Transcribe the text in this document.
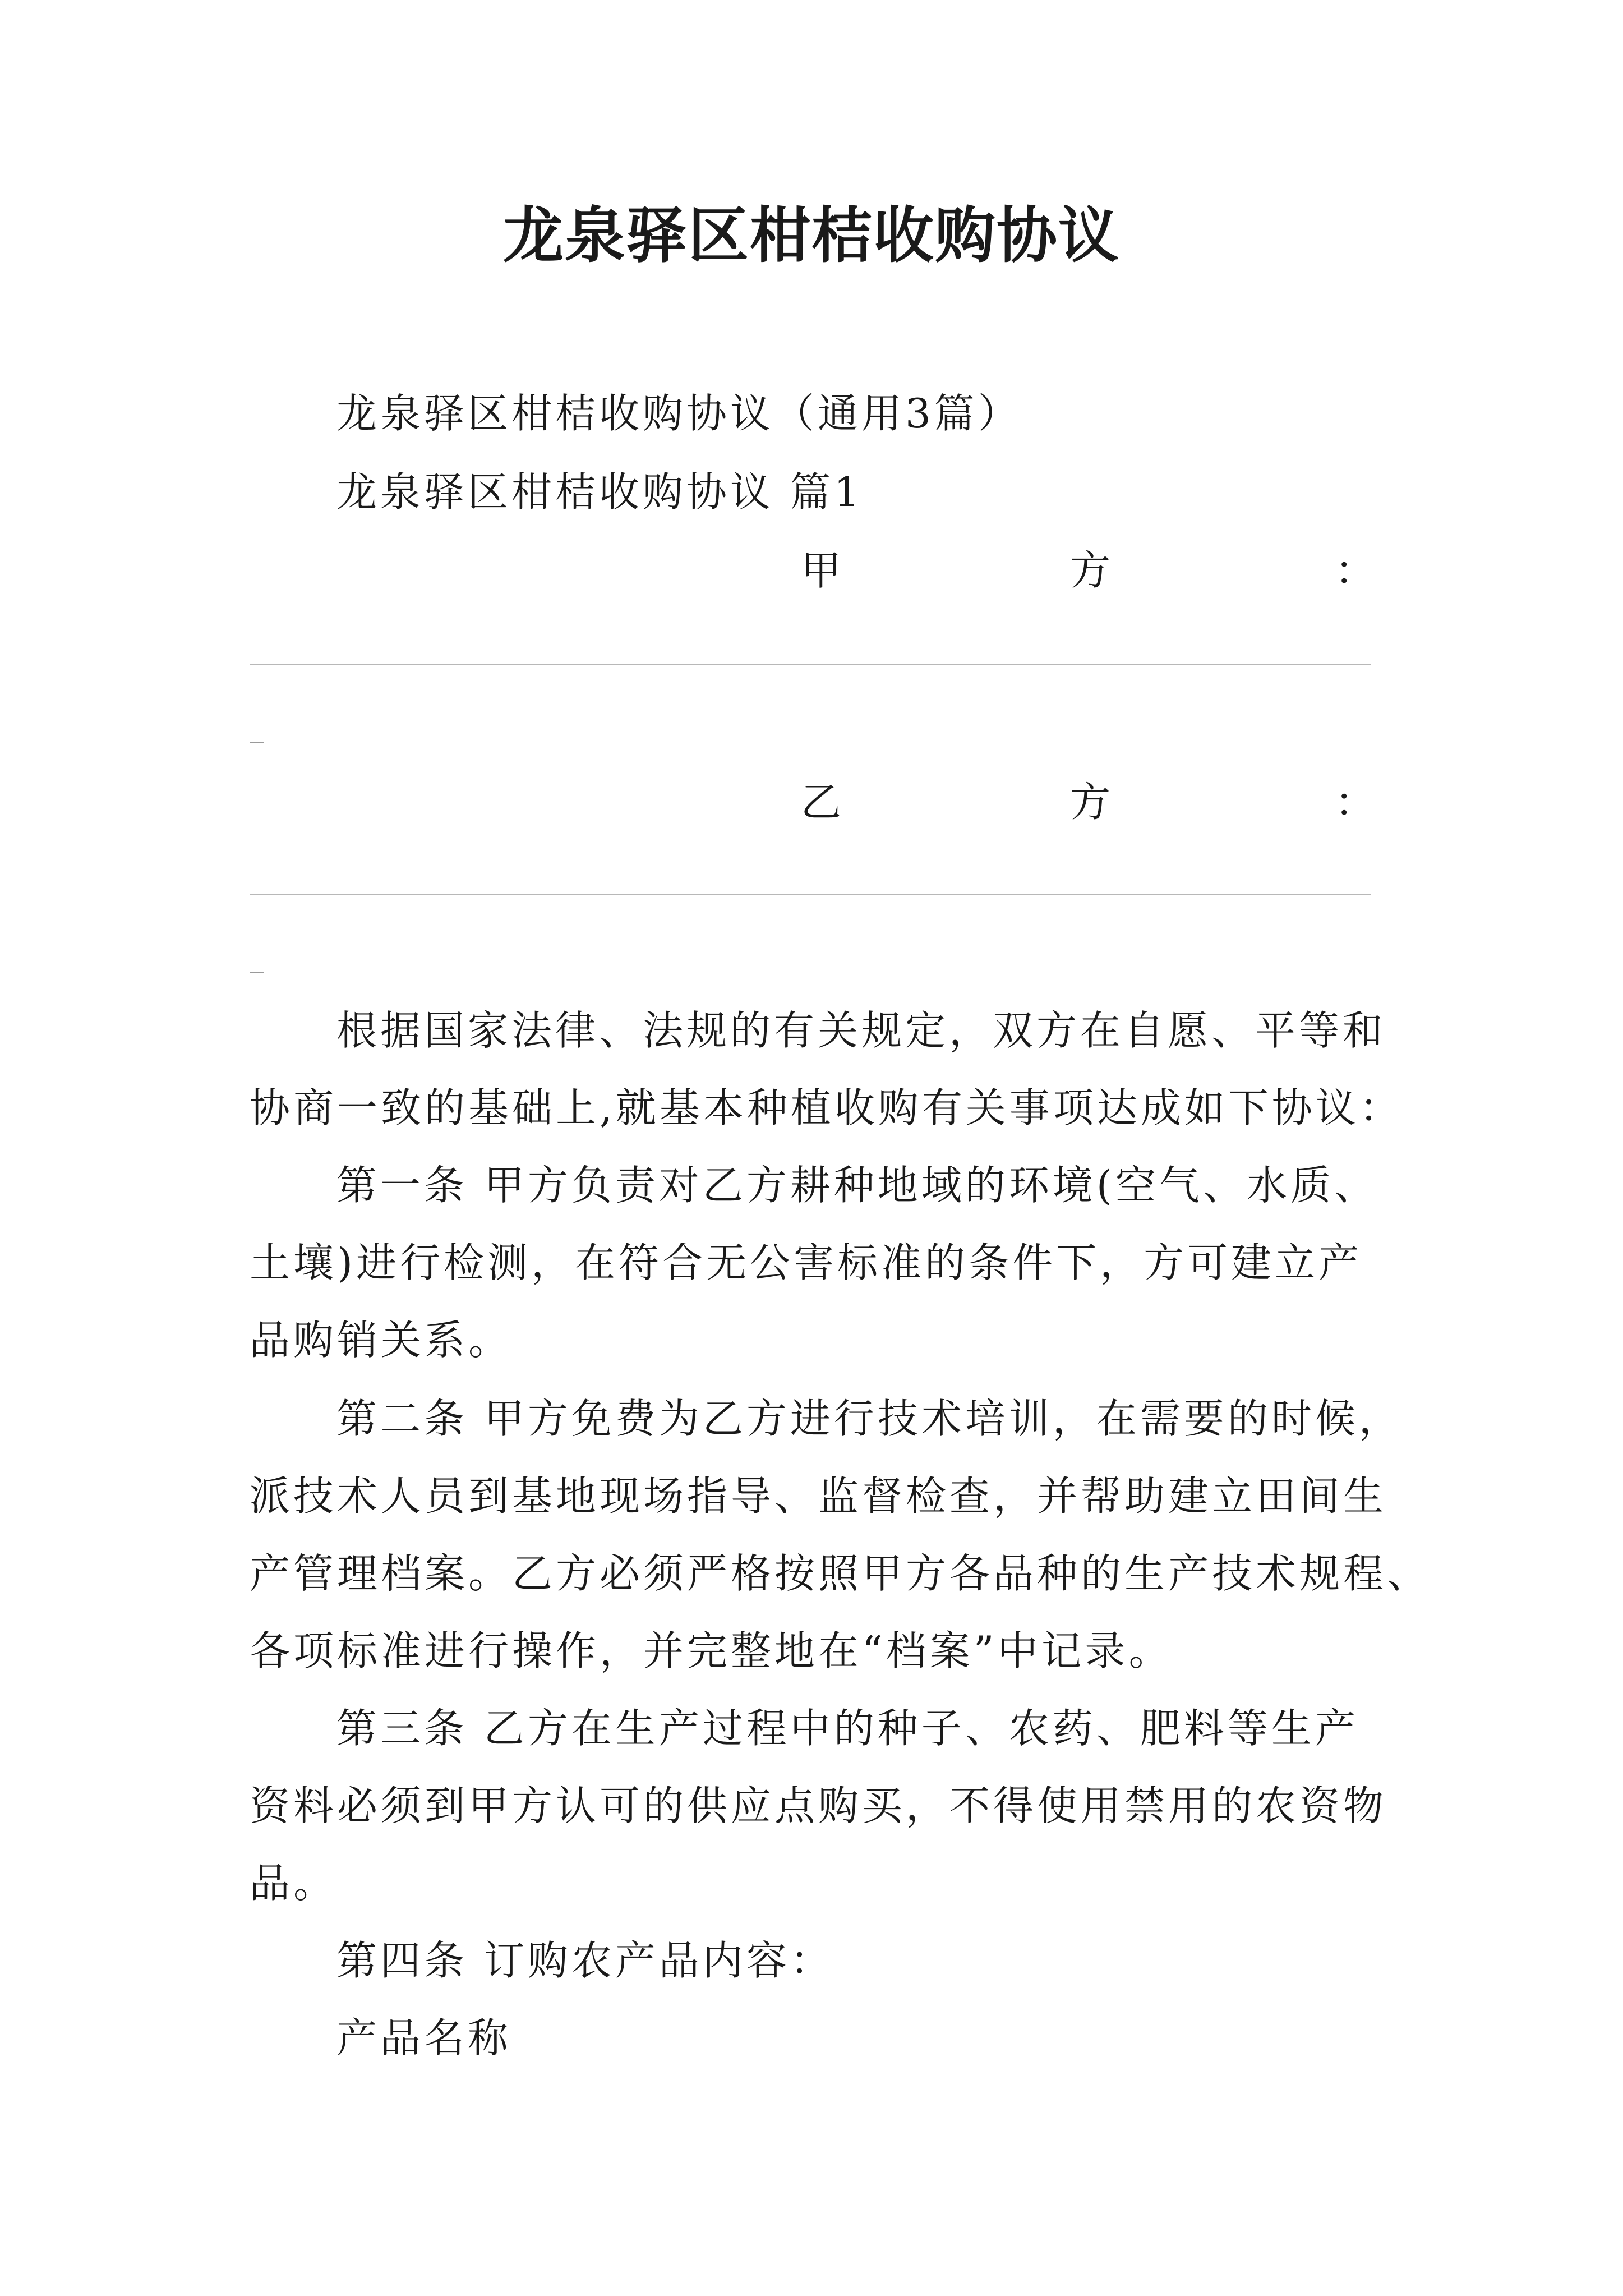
龙泉驿区柑桔收购协议
龙泉驿区柑桔收购协议（通用3篇）
龙泉驿区柑桔收购协议 篇1
甲	方	：
乙	方	：
根据国家法律、法规的有关规定，双方在自愿、平等和
协商一致的基础上,就基本种植收购有关事项达成如下协议：
第一条 甲方负责对乙方耕种地域的环境(空气、水质、
土壤)进行检测，在符合无公害标准的条件下，方可建立产
品购销关系。
第二条 甲方免费为乙方进行技术培训，在需要的时候，
派技术人员到基地现场指导、监督检查，并帮助建立田间生
产管理档案。乙方必须严格按照甲方各品种的生产技术规程、
各项标准进行操作，并完整地在“档案”中记录。
第三条 乙方在生产过程中的种子、农药、肥料等生产
资料必须到甲方认可的供应点购买，不得使用禁用的农资物
品。
第四条 订购农产品内容：
产品名称
